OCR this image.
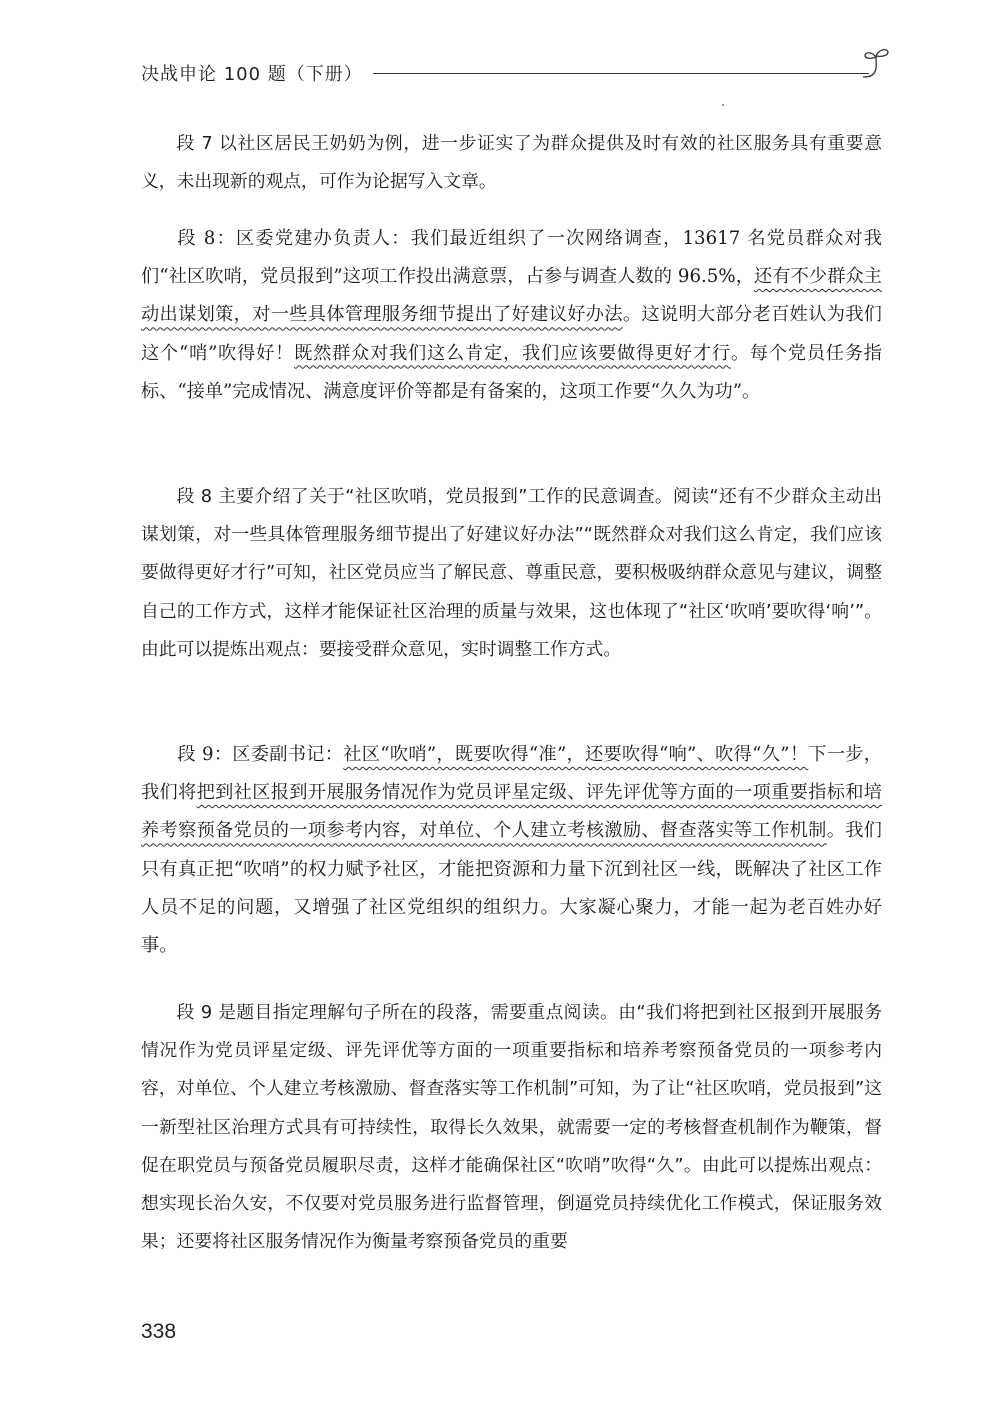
决战申论 100 题（下册）

段 7 以社区居民王奶奶为例，进一步证实了为群众提供及时有效的社区服务具有重要意义，未出现新的观点，可作为论据写入文章。

段 8：区委党建办负责人：我们最近组织了一次网络调查，13617 名党员群众对我们“社区吹哨，党员报到”这项工作投出满意票，占参与调查人数的 96.5%，还有不少群众主动出谋划策，对一些具体管理服务细节提出了好建议好办法。这说明大部分老百姓认为我们这个“哨”吹得好！既然群众对我们这么肯定，我们应该要做得更好才行。每个党员任务指标、“接单”完成情况、满意度评价等都是有备案的，这项工作要“久久为功”。

段 8 主要介绍了关于“社区吹哨，党员报到”工作的民意调查。阅读“还有不少群众主动出谋划策，对一些具体管理服务细节提出了好建议好办法”“既然群众对我们这么肯定，我们应该要做得更好才行”可知，社区党员应当了解民意、尊重民意，要积极吸纳群众意见与建议，调整自己的工作方式，这样才能保证社区治理的质量与效果，这也体现了“社区‘吹哨’要吹得‘响’”。由此可以提炼出观点：要接受群众意见，实时调整工作方式。

段 9：区委副书记：社区“吹哨”，既要吹得“准”，还要吹得“响”、吹得“久”！下一步，我们将把到社区报到开展服务情况作为党员评星定级、评先评优等方面的一项重要指标和培养考察预备党员的一项参考内容，对单位、个人建立考核激励、督查落实等工作机制。我们只有真正把“吹哨”的权力赋予社区，才能把资源和力量下沉到社区一线，既解决了社区工作人员不足的问题，又增强了社区党组织的组织力。大家凝心聚力，才能一起为老百姓办好事。

段 9 是题目指定理解句子所在的段落，需要重点阅读。由“我们将把到社区报到开展服务情况作为党员评星定级、评先评优等方面的一项重要指标和培养考察预备党员的一项参考内容，对单位、个人建立考核激励、督查落实等工作机制”可知，为了让“社区吹哨，党员报到”这一新型社区治理方式具有可持续性，取得长久效果，就需要一定的考核督查机制作为鞭策，督促在职党员与预备党员履职尽责，这样才能确保社区“吹哨”吹得“久”。由此可以提炼出观点：想实现长治久安，不仅要对党员服务进行监督管理，倒逼党员持续优化工作模式，保证服务效果；还要将社区服务情况作为衡量考察预备党员的重要

338
